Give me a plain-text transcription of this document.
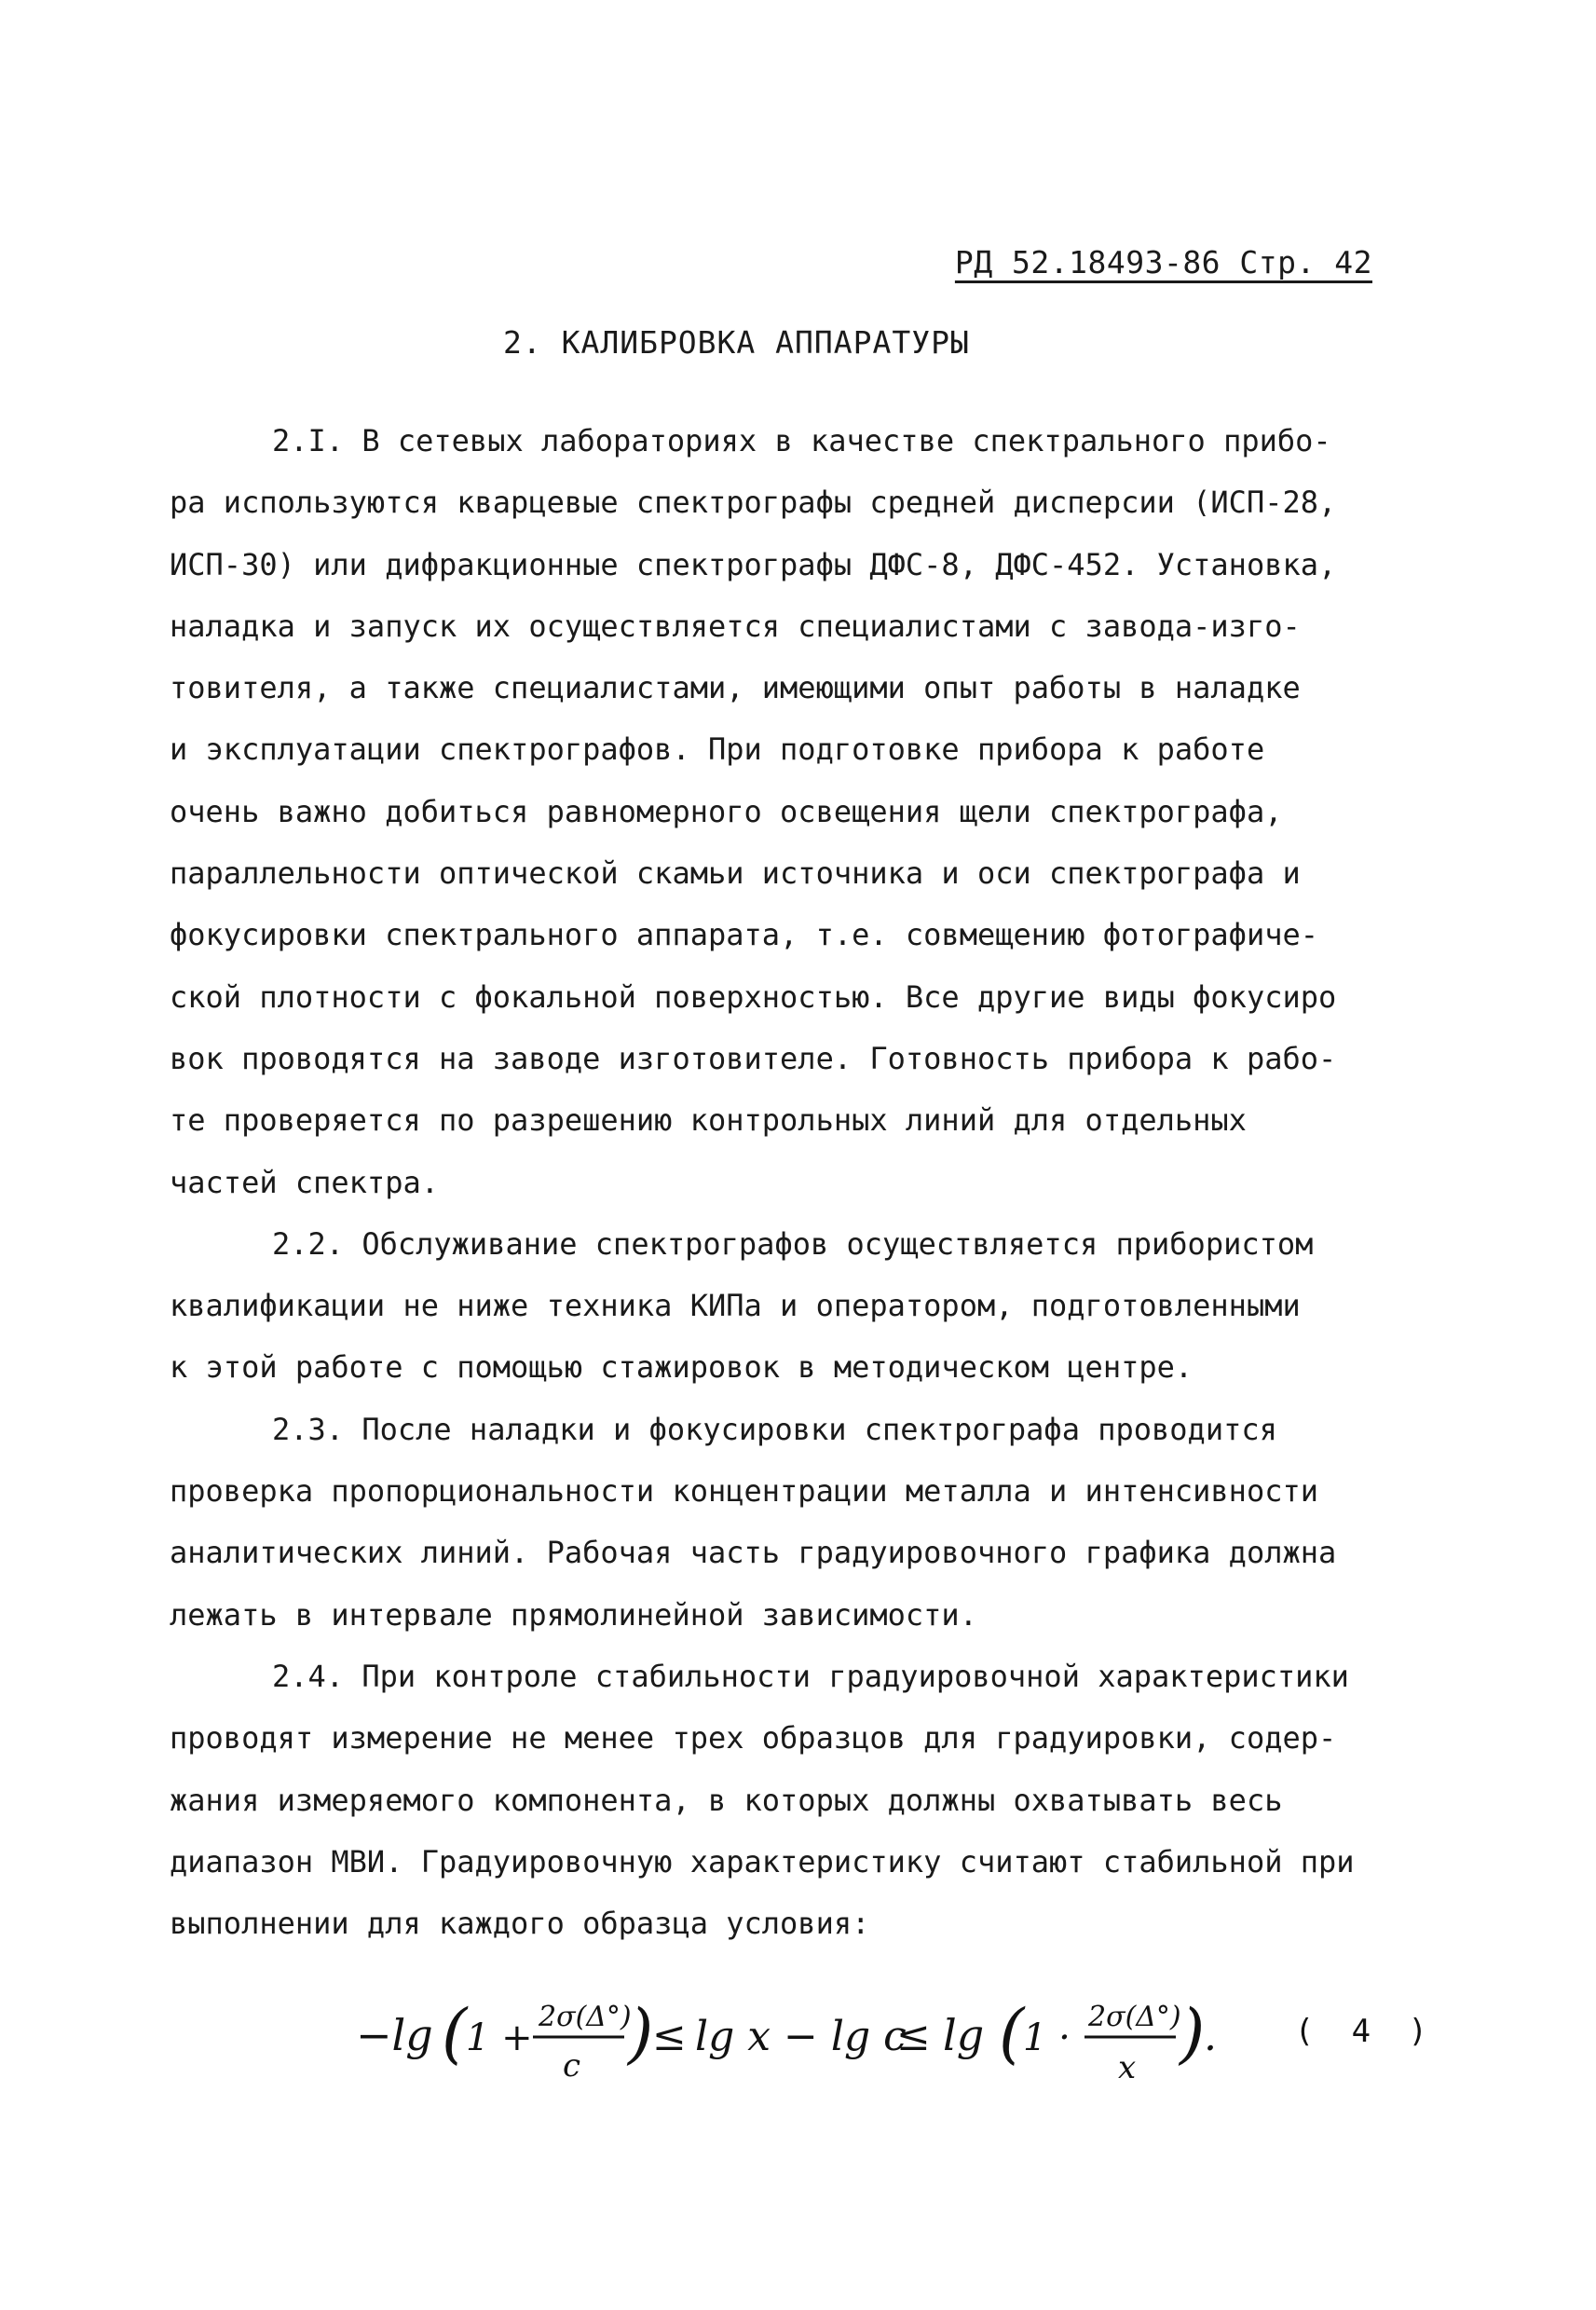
РД 52.18493-86 Стр. 42
2. КАЛИБРОВКА АППАРАТУРЫ
2.I. В сетевых лабораториях в качестве спектрального прибо-
ра используются кварцевые спектрографы средней дисперсии (ИСП-28,
ИСП-30) или дифракционные спектрографы ДФС-8, ДФС-452. Установка,
наладка и запуск их осуществляется специалистами с завода-изго-
товителя, а также специалистами, имеющими опыт работы в наладке
и эксплуатации спектрографов. При подготовке прибора к работе
очень важно добиться равномерного освещения щели спектрографа,
параллельности оптической скамьи источника и оси спектрографа и
фокусировки спектрального аппарата, т.е. совмещению фотографиче-
ской плотности с фокальной поверхностью. Все другие виды фокусиро
вок проводятся на заводе изготовителе. Готовность прибора к рабо-
те проверяется по разрешению контрольных линий для отдельных
частей спектра.
2.2. Обслуживание спектрографов осуществляется прибористом
квалификации не ниже техника КИПа и оператором, подготовленными
к этой работе с помощью стажировок в методическом центре.
2.3. После наладки и фокусировки спектрографа проводится
проверка пропорциональности концентрации металла и интенсивности
аналитических линий. Рабочая часть градуировочного графика должна
лежать в интервале прямолинейной зависимости.
2.4. При контроле стабильности градуировочной характеристики
проводят измерение не менее трех образцов для градуировки, содер-
жания измеряемого компонента, в которых должны охватывать весь
диапазон МВИ. Градуировочную характеристику считают стабильной при
выполнении для каждого образца условия:
−lg (
1 + 2σ(Δ°)
c )
≤ lg x − lg c
≤ lg (
1 · 2σ(Δ°)
x )
. ( 4 )
